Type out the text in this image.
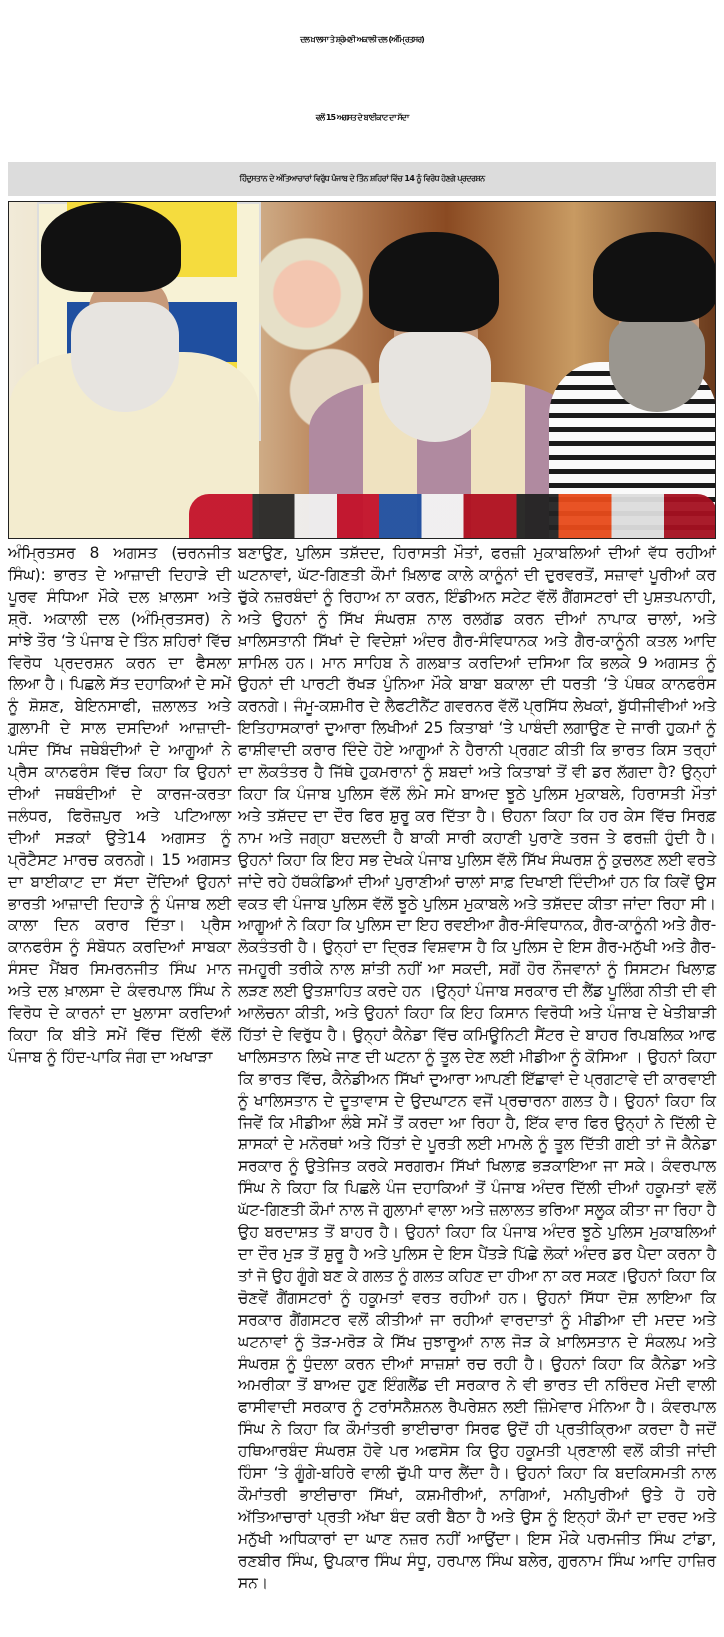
ਦਲ ਖ਼ਾਲਸਾ ਤੇ ਸ਼੍ਰੋਮਣੀ ਅਕਾਲੀ ਦਲ (ਅੰਮ੍ਰਿਤਸਰ)
ਵਲੋਂ 15 ਅਗਸਤ ਦੇ ਬਾਈਕਾਟ ਦਾ ਸੱਦਾ
ਹਿੰਦੁਸਤਾਨ ਦੇ ਅੱਤਿਆਚਾਰਾਂ ਵਿਰੁੱਧ ਪੰਜਾਬ ਦੇ ਤਿੰਨ ਸ਼ਹਿਰਾਂ ਵਿੱਚ 14 ਨੂੰ ਵਿਰੋਧ ਹੋਣਗੇ ਪ੍ਰਦਰਸ਼ਨ

ਅੰਮ੍ਰਿਤਸਰ 8 ਅਗਸਤ (ਚਰਨਜੀਤ ਸਿੰਘ): ਭਾਰਤ ਦੇ ਆਜ਼ਾਦੀ ਦਿਹਾੜੇ ਦੀ ਪੂਰਵ ਸੰਧਿਆ ਮੌਕੇ ਦਲ ਖ਼ਾਲਸਾ ਅਤੇ ਸ਼੍ਰੋ. ਅਕਾਲੀ ਦਲ (ਅੰਮ੍ਰਿਤਸਰ) ਨੇ ਸਾਂਝੇ ਤੌਰ ‘ਤੇ ਪੰਜਾਬ ਦੇ ਤਿੰਨ ਸ਼ਹਿਰਾਂ ਵਿੱਚ ਵਿਰੋਧ ਪ੍ਰਦਰਸ਼ਨ ਕਰਨ ਦਾ ਫੈਸਲਾ ਲਿਆ ਹੈ। ਪਿਛਲੇ ਸੱਤ ਦਹਾਕਿਆਂ ਦੇ ਸਮੇਂ ਨੂੰ ਸ਼ੋਸ਼ਣ, ਬੇਇਨਸਾਫੀ, ਜ਼ਲਾਲਤ ਅਤੇ ਗ਼ੁਲਾਮੀ ਦੇ ਸਾਲ ਦਸਦਿਆਂ ਆਜ਼ਾਦੀ-ਪਸੰਦ ਸਿੱਖ ਜਥੇਬੰਦੀਆਂ ਦੇ ਆਗੂਆਂ ਨੇ ਪ੍ਰੈਸ ਕਾਨਫਰੰਸ ਵਿੱਚ ਕਿਹਾ ਕਿ ਉਹਨਾਂ ਦੀਆਂ ਜਥਬੰਦੀਆਂ ਦੇ ਕਾਰਜ-ਕਰਤਾ ਜਲੰਧਰ, ਫਿਰੋਜ਼ਪੁਰ ਅਤੇ ਪਟਿਆਲਾ ਦੀਆਂ ਸੜਕਾਂ ਉਤੇ14 ਅਗਸਤ ਨੂੰ ਪ੍ਰੋਟੈਸਟ ਮਾਰਚ ਕਰਨਗੇ। 15 ਅਗਸਤ ਦਾ ਬਾਈਕਾਟ ਦਾ ਸੱਦਾ ਦੇਂਦਿਆਂ ਉਹਨਾਂ ਭਾਰਤੀ ਆਜ਼ਾਦੀ ਦਿਹਾੜੇ ਨੂੰ ਪੰਜਾਬ ਲਈ ਕਾਲਾ ਦਿਨ ਕਰਾਰ ਦਿੱਤਾ। ਪ੍ਰੈਸ ਕਾਨਫਰੰਸ ਨੂੰ ਸੰਬੋਧਨ ਕਰਦਿਆਂ ਸਾਬਕਾ ਸੰਸਦ ਮੈਂਬਰ ਸਿਮਰਨਜੀਤ ਸਿੰਘ ਮਾਨ ਅਤੇ ਦਲ ਖ਼ਾਲਸਾ ਦੇ ਕੰਵਰਪਾਲ ਸਿੰਘ ਨੇ ਵਿਰੋਧ ਦੇ ਕਾਰਨਾਂ ਦਾ ਖੁਲਾਸਾ ਕਰਦਿਆਂ ਕਿਹਾ ਕਿ ਬੀਤੇ ਸਮੇਂ ਵਿੱਚ ਦਿੱਲੀ ਵੱਲੋਂ ਪੰਜਾਬ ਨੂੰ ਹਿੰਦ-ਪਾਕਿ ਜੰਗ ਦਾ ਅਖਾੜਾ

ਬਣਾਉਣ, ਪੁਲਿਸ ਤਸ਼ੱਦਦ, ਹਿਰਾਸਤੀ ਮੌਤਾਂ, ਫਰਜ਼ੀ ਮੁਕਾਬਲਿਆਂ ਦੀਆਂ ਵੱਧ ਰਹੀਆਂ ਘਟਨਾਵਾਂ, ਘੱਟ-ਗਿਣਤੀ ਕੌਮਾਂ ਖ਼ਿਲਾਫ ਕਾਲੇ ਕਾਨੂੰਨਾਂ ਦੀ ਦੁਰਵਰਤੋਂ, ਸਜ਼ਾਵਾਂ ਪੂਰੀਆਂ ਕਰ ਚੁੱਕੇ ਨਜ਼ਰਬੰਦਾਂ ਨੂੰ ਰਿਹਾਅ ਨਾ ਕਰਨ, ਇੰਡੀਅਨ ਸਟੇਟ ਵੱਲੋਂ ਗੈਂਗਸਟਰਾਂ ਦੀ ਪੁਸ਼ਤਪਨਾਹੀ, ਅਤੇ ਉਹਨਾਂ ਨੂੰ ਸਿੱਖ ਸੰਘਰਸ਼ ਨਾਲ ਰਲਗੱਡ ਕਰਨ ਦੀਆਂ ਨਾਪਾਕ ਚਾਲਾਂ, ਅਤੇ ਖ਼ਾਲਿਸਤਾਨੀ ਸਿੱਖਾਂ ਦੇ ਵਿਦੇਸ਼ਾਂ ਅੰਦਰ ਗੈਰ-ਸੰਵਿਧਾਨਕ ਅਤੇ ਗੈਰ-ਕਾਨੂੰਨੀ ਕਤਲ ਆਦਿ ਸ਼ਾਮਿਲ ਹਨ। ਮਾਨ ਸਾਹਿਬ ਨੇ ਗਲਬਾਤ ਕਰਦਿਆਂ ਦਸਿਆ ਕਿ ਭਲਕੇ 9 ਅਗਸਤ ਨੂੰ ਉਹਨਾਂ ਦੀ ਪਾਰਟੀ ਰੱਖੜ ਪੁੰਨਿਆ ਮੌਕੇ ਬਾਬਾ ਬਕਾਲਾ ਦੀ ਧਰਤੀ ‘ਤੇ ਪੰਥਕ ਕਾਨਫਰੰਸ ਕਰਨਗੇ। ਜੰਮੂ-ਕਸ਼ਮੀਰ ਦੇ ਲੈਫਟੀਨੈਂਟ ਗਵਰਨਰ ਵੱਲੋਂ ਪ੍ਰਸਿੱਧ ਲੇਖਕਾਂ, ਬੁੱਧੀਜੀਵੀਆਂ ਅਤੇ ਇਤਿਹਾਸਕਾਰਾਂ ਦੁਆਰਾ ਲਿਖੀਆਂ 25 ਕਿਤਾਬਾਂ ‘ਤੇ ਪਾਬੰਦੀ ਲਗਾਉਣ ਦੇ ਜਾਰੀ ਹੁਕਮਾਂ ਨੂੰ ਫਾਸ਼ੀਵਾਦੀ ਕਰਾਰ ਦਿੰਦੇ ਹੋਏ ਆਗੂਆਂ ਨੇ ਹੈਰਾਨੀ ਪ੍ਰਗਟ ਕੀਤੀ ਕਿ ਭਾਰਤ ਕਿਸ ਤਰ੍ਹਾਂ ਦਾ ਲੋਕਤੰਤਰ ਹੈ ਜਿੱਥੇ ਹੁਕਮਰਾਨਾਂ ਨੂੰ ਸ਼ਬਦਾਂ ਅਤੇ ਕਿਤਾਬਾਂ ਤੋਂ ਵੀ ਡਰ ਲੱਗਦਾ ਹੈ? ਉਨ੍ਹਾਂ ਕਿਹਾ ਕਿ ਪੰਜਾਬ ਪੁਲਿਸ ਵੱਲੋਂ ਲੰਮੇ ਸਮੇ ਬਾਅਦ ਝੂਠੇ ਪੁਲਿਸ ਮੁਕਾਬਲੇ, ਹਿਰਾਸਤੀ ਮੌਤਾਂ ਅਤੇ ਤਸ਼ੱਦਦ ਦਾ ਦੌਰ ਫਿਰ ਸ਼ੁਰੂ ਕਰ ਦਿੱਤਾ ਹੈ। ੳਹਨਾ ਕਿਹਾ ਕਿ ਹਰ ਕੇਸ ਵਿੱਚ ਸਿਰਫ਼ ਨਾਮ ਅਤੇ ਜਗ੍ਹਾ ਬਦਲਦੀ ਹੈ ਬਾਕੀ ਸਾਰੀ ਕਹਾਣੀ ਪੁਰਾਣੇ ਤਰਜ ਤੇ ਫਰਜ਼ੀ ਹੁੰਦੀ ਹੈ। ਉਹਨਾਂ ਕਿਹਾ ਕਿ ਇਹ ਸਭ ਦੇਖਕੇ ਪੰਜਾਬ ਪੁਲਿਸ ਵੱਲੋ ਸਿੱਖ ਸੰਘਰਸ਼ ਨੂੰ ਕੁਚਲਣ ਲਈ ਵਰਤੇ ਜਾਂਦੇ ਰਹੇ ਹੱਥਕੰਡਿਆਂ ਦੀਆਂ ਪੁਰਾਣੀਆਂ ਚਾਲਾਂ ਸਾਫ਼ ਦਿਖਾਈ ਦਿੰਦੀਆਂ ਹਨ ਕਿ ਕਿਵੇਂ ਉਸ ਵਕਤ ਵੀ ਪੰਜਾਬ ਪੁਲਿਸ ਵੱਲੋਂ ਝੂਠੇ ਪੁਲਿਸ ਮੁਕਾਬਲੇ ਅਤੇ ਤਸ਼ੱਦਦ ਕੀਤਾ ਜਾਂਦਾ ਰਿਹਾ ਸੀ। ਆਗੂਆਂ ਨੇ ਕਿਹਾ ਕਿ ਪੁਲਿਸ ਦਾ ਇਹ ਰਵਈਆ ਗੈਰ-ਸੰਵਿਧਾਨਕ, ਗੈਰ-ਕਾਨੂੰਨੀ ਅਤੇ ਗੈਰ-ਲੋਕਤੰਤਰੀ ਹੈ। ਉਨ੍ਹਾਂ ਦਾ ਦ੍ਰਿੜ ਵਿਸ਼ਵਾਸ ਹੈ ਕਿ ਪੁਲਿਸ ਦੇ ਇਸ ਗੈਰ-ਮਨੁੱਖੀ ਅਤੇ ਗੈਰ-ਜਮਹੂਰੀ ਤਰੀਕੇ ਨਾਲ ਸ਼ਾਂਤੀ ਨਹੀਂ ਆ ਸਕਦੀ, ਸਗੋਂ ਹੋਰ ਨੌਜਵਾਨਾਂ ਨੂੰ ਸਿਸਟਮ ਖਿਲਾਫ਼ ਲੜਣ ਲਈ ਉਤਸ਼ਾਹਿਤ ਕਰਦੇ ਹਨ ।ਉਨ੍ਹਾਂ ਪੰਜਾਬ ਸਰਕਾਰ ਦੀ ਲੈਂਡ ਪੂਲਿੰਗ ਨੀਤੀ ਦੀ ਵੀ ਆਲੋਚਨਾ ਕੀਤੀ, ਅਤੇ ਉਹਨਾਂ ਕਿਹਾ ਕਿ ਇਹ ਕਿਸਾਨ ਵਿਰੋਧੀ ਅਤੇ ਪੰਜਾਬ ਦੇ ਖੇਤੀਬਾੜੀ ਹਿੱਤਾਂ ਦੇ ਵਿਰੁੱਧ ਹੈ। ਉਨ੍ਹਾਂ ਕੈਨੇਡਾ ਵਿੱਚ ਕਮਿਊਨਿਟੀ ਸੈਂਟਰ ਦੇ ਬਾਹਰ ਰਿਪਬਲਿਕ ਆਫ ਖਾਲਿਸਤਾਨ ਲਿਖੇ ਜਾਣ ਦੀ ਘਟਨਾ ਨੂੰ ਤੂਲ ਦੇਣ ਲਈ ਮੀਡੀਆ ਨੂੰ ਕੋਸਿਆ । ਉਹਨਾਂ ਕਿਹਾ ਕਿ ਭਾਰਤ ਵਿੱਚ, ਕੈਨੇਡੀਅਨ ਸਿੱਖਾਂ ਦੁਆਰਾ ਆਪਣੀ ਇੱਛਾਵਾਂ ਦੇ ਪ੍ਰਗਟਾਵੇ ਦੀ ਕਾਰਵਾਈ ਨੂੰ ਖਾਲਿਸਤਾਨ ਦੇ ਦੂਤਾਵਾਸ ਦੇ ਉਦਘਾਟਨ ਵਜੋਂ ਪ੍ਰਚਾਰਨਾ ਗਲਤ ਹੈ। ਉਹਨਾਂ ਕਿਹਾ ਕਿ ਜਿਵੇਂ ਕਿ ਮੀਡੀਆ ਲੰਬੇ ਸਮੇਂ ਤੋਂ ਕਰਦਾ ਆ ਰਿਹਾ ਹੈ, ਇੱਕ ਵਾਰ ਫਿਰ ਉਨ੍ਹਾਂ ਨੇ ਦਿੱਲੀ ਦੇ ਸ਼ਾਸਕਾਂ ਦੇ ਮਨੋਰਥਾਂ ਅਤੇ ਹਿੱਤਾਂ ਦੇ ਪੂਰਤੀ ਲਈ ਮਾਮਲੇ ਨੂੰ ਤੂਲ ਦਿੱਤੀ ਗਈ ਤਾਂ ਜੋ ਕੈਨੇਡਾ ਸਰਕਾਰ ਨੂੰ ਉਤੇਜਿਤ ਕਰਕੇ ਸਰਗਰਮ ਸਿੱਖਾਂ ਖਿਲਾਫ਼ ਭੜਕਾਇਆ ਜਾ ਸਕੇ। ਕੰਵਰਪਾਲ ਸਿੰਘ ਨੇ ਕਿਹਾ ਕਿ ਪਿਛਲੇ ਪੰਜ ਦਹਾਕਿਆਂ ਤੋਂ ਪੰਜਾਬ ਅੰਦਰ ਦਿੱਲੀ ਦੀਆਂ ਹਕੂਮਤਾਂ ਵਲੋਂ ਘੱਟ-ਗਿਣਤੀ ਕੌਮਾਂ ਨਾਲ ਜੋ ਗੁਲਾਮਾਂ ਵਾਲਾ ਅਤੇ ਜ਼ਲਾਲਤ ਭਰਿਆ ਸਲੂਕ ਕੀਤਾ ਜਾ ਰਿਹਾ ਹੈ ਉਹ ਬਰਦਾਸ਼ਤ ਤੋਂ ਬਾਹਰ ਹੈ। ਉਹਨਾਂ ਕਿਹਾ ਕਿ ਪੰਜਾਬ ਅੰਦਰ ਝੂਠੇ ਪੁਲਿਸ ਮੁਕਾਬਲਿਆਂ ਦਾ ਦੌਰ ਮੁੜ ਤੋਂ ਸ਼ੁਰੂ ਹੈ ਅਤੇ ਪੁਲਿਸ ਦੇ ਇਸ ਪੈਂਤੜੇ ਪਿੱਛੇ ਲੋਕਾਂ ਅੰਦਰ ਡਰ ਪੈਦਾ ਕਰਨਾ ਹੈ ਤਾਂ ਜੋ ਉਹ ਗੂੰਗੇ ਬਣ ਕੇ ਗਲਤ ਨੂੰ ਗਲਤ ਕਹਿਣ ਦਾ ਹੀਆ ਨਾ ਕਰ ਸਕਣ।ਉਹਨਾਂ ਕਿਹਾ ਕਿ ਚੋਣਵੇਂ ਗੈਂਗਸਟਰਾਂ ਨੂੰ ਹਕੂਮਤਾਂ ਵਰਤ ਰਹੀਆਂ ਹਨ। ਉਹਨਾਂ ਸਿੱਧਾ ਦੋਸ਼ ਲਾਇਆ ਕਿ ਸਰਕਾਰ ਗੈਂਗਸਟਰ ਵਲੋਂ ਕੀਤੀਆਂ ਜਾ ਰਹੀਆਂ ਵਾਰਦਾਤਾਂ ਨੂੰ ਮੀਡੀਆ ਦੀ ਮਦਦ ਅਤੇ ਘਟਨਾਵਾਂ ਨੂੰ ਤੋੜ-ਮਰੋੜ ਕੇ ਸਿੱਖ ਜੁਝਾਰੂਆਂ ਨਾਲ ਜੋੜ ਕੇ ਖ਼ਾਲਿਸਤਾਨ ਦੇ ਸੰਕਲਪ ਅਤੇ ਸੰਘਰਸ਼ ਨੂੰ ਧੁੰਦਲਾ ਕਰਨ ਦੀਆਂ ਸਾਜ਼ਸ਼ਾਂ ਰਚ ਰਹੀ ਹੈ। ਉਹਨਾਂ ਕਿਹਾ ਕਿ ਕੈਨੇਡਾ ਅਤੇ ਅਮਰੀਕਾ ਤੋਂ ਬਾਅਦ ਹੁਣ ਇੰਗਲੈਂਡ ਦੀ ਸਰਕਾਰ ਨੇ ਵੀ ਭਾਰਤ ਦੀ ਨਰਿੰਦਰ ਮੋਦੀ ਵਾਲੀ ਫਾਸੀਵਾਦੀ ਸਰਕਾਰ ਨੂੰ ਟਰਾਂਸਨੈਸ਼ਨਲ ਰੈਪਰੇਸ਼ਨ ਲਈ ਜ਼ਿੰਮੇਵਾਰ ਮੰਨਿਆ ਹੈ। ਕੰਵਰਪਾਲ ਸਿੰਘ ਨੇ ਕਿਹਾ ਕਿ ਕੌਮਾਂਤਰੀ ਭਾਈਚਾਰਾ ਸਿਰਫ ਉਦੋਂ ਹੀ ਪ੍ਰਤੀਕ੍ਰਿਆ ਕਰਦਾ ਹੈ ਜਦੋਂ ਹਥਿਆਰਬੰਦ ਸੰਘਰਸ਼ ਹੋਵੇ ਪਰ ਅਫਸੋਸ ਕਿ ਉਹ ਹਕੂਮਤੀ ਪ੍ਰਣਾਲੀ ਵਲੋਂ ਕੀਤੀ ਜਾਂਦੀ ਹਿੰਸਾ ‘ਤੇ ਗੂੰਗੇ-ਬਹਿਰੇ ਵਾਲੀ ਚੁੱਪੀ ਧਾਰ ਲੈਂਦਾ ਹੈ। ਉਹਨਾਂ ਕਿਹਾ ਕਿ ਬਦਕਿਸਮਤੀ ਨਾਲ ਕੌਮਾਂਤਰੀ ਭਾਈਚਾਰਾ ਸਿੱਖਾਂ, ਕਸ਼ਮੀਰੀਆਂ, ਨਾਗਿਆਂ, ਮਨੀਪੁਰੀਆਂ ਉਤੇ ਹੋ ਹਰੇ ਅੱਤਿਆਚਾਰਾਂ ਪ੍ਰਤੀ ਅੱਖਾ ਬੰਦ ਕਰੀ ਬੈਠਾ ਹੈ ਅਤੇ ਉਸ ਨੂੰ ਇਨ੍ਹਾਂ ਕੌਮਾਂ ਦਾ ਦਰਦ ਅਤੇ ਮਨੁੱਖੀ ਅਧਿਕਾਰਾਂ ਦਾ ਘਾਣ ਨਜ਼ਰ ਨਹੀਂ ਆਉਂਦਾ। ਇਸ ਮੌਕੇ ਪਰਮਜੀਤ ਸਿੰਘ ਟਾਂਡਾ, ਰਣਬੀਰ ਸਿੰਘ, ਉਪਕਾਰ ਸਿੰਘ ਸੰਧੂ, ਹਰਪਾਲ ਸਿੰਘ ਬਲੇਰ, ਗੁਰਨਾਮ ਸਿੰਘ ਆਦਿ ਹਾਜ਼ਿਰ ਸਨ।
